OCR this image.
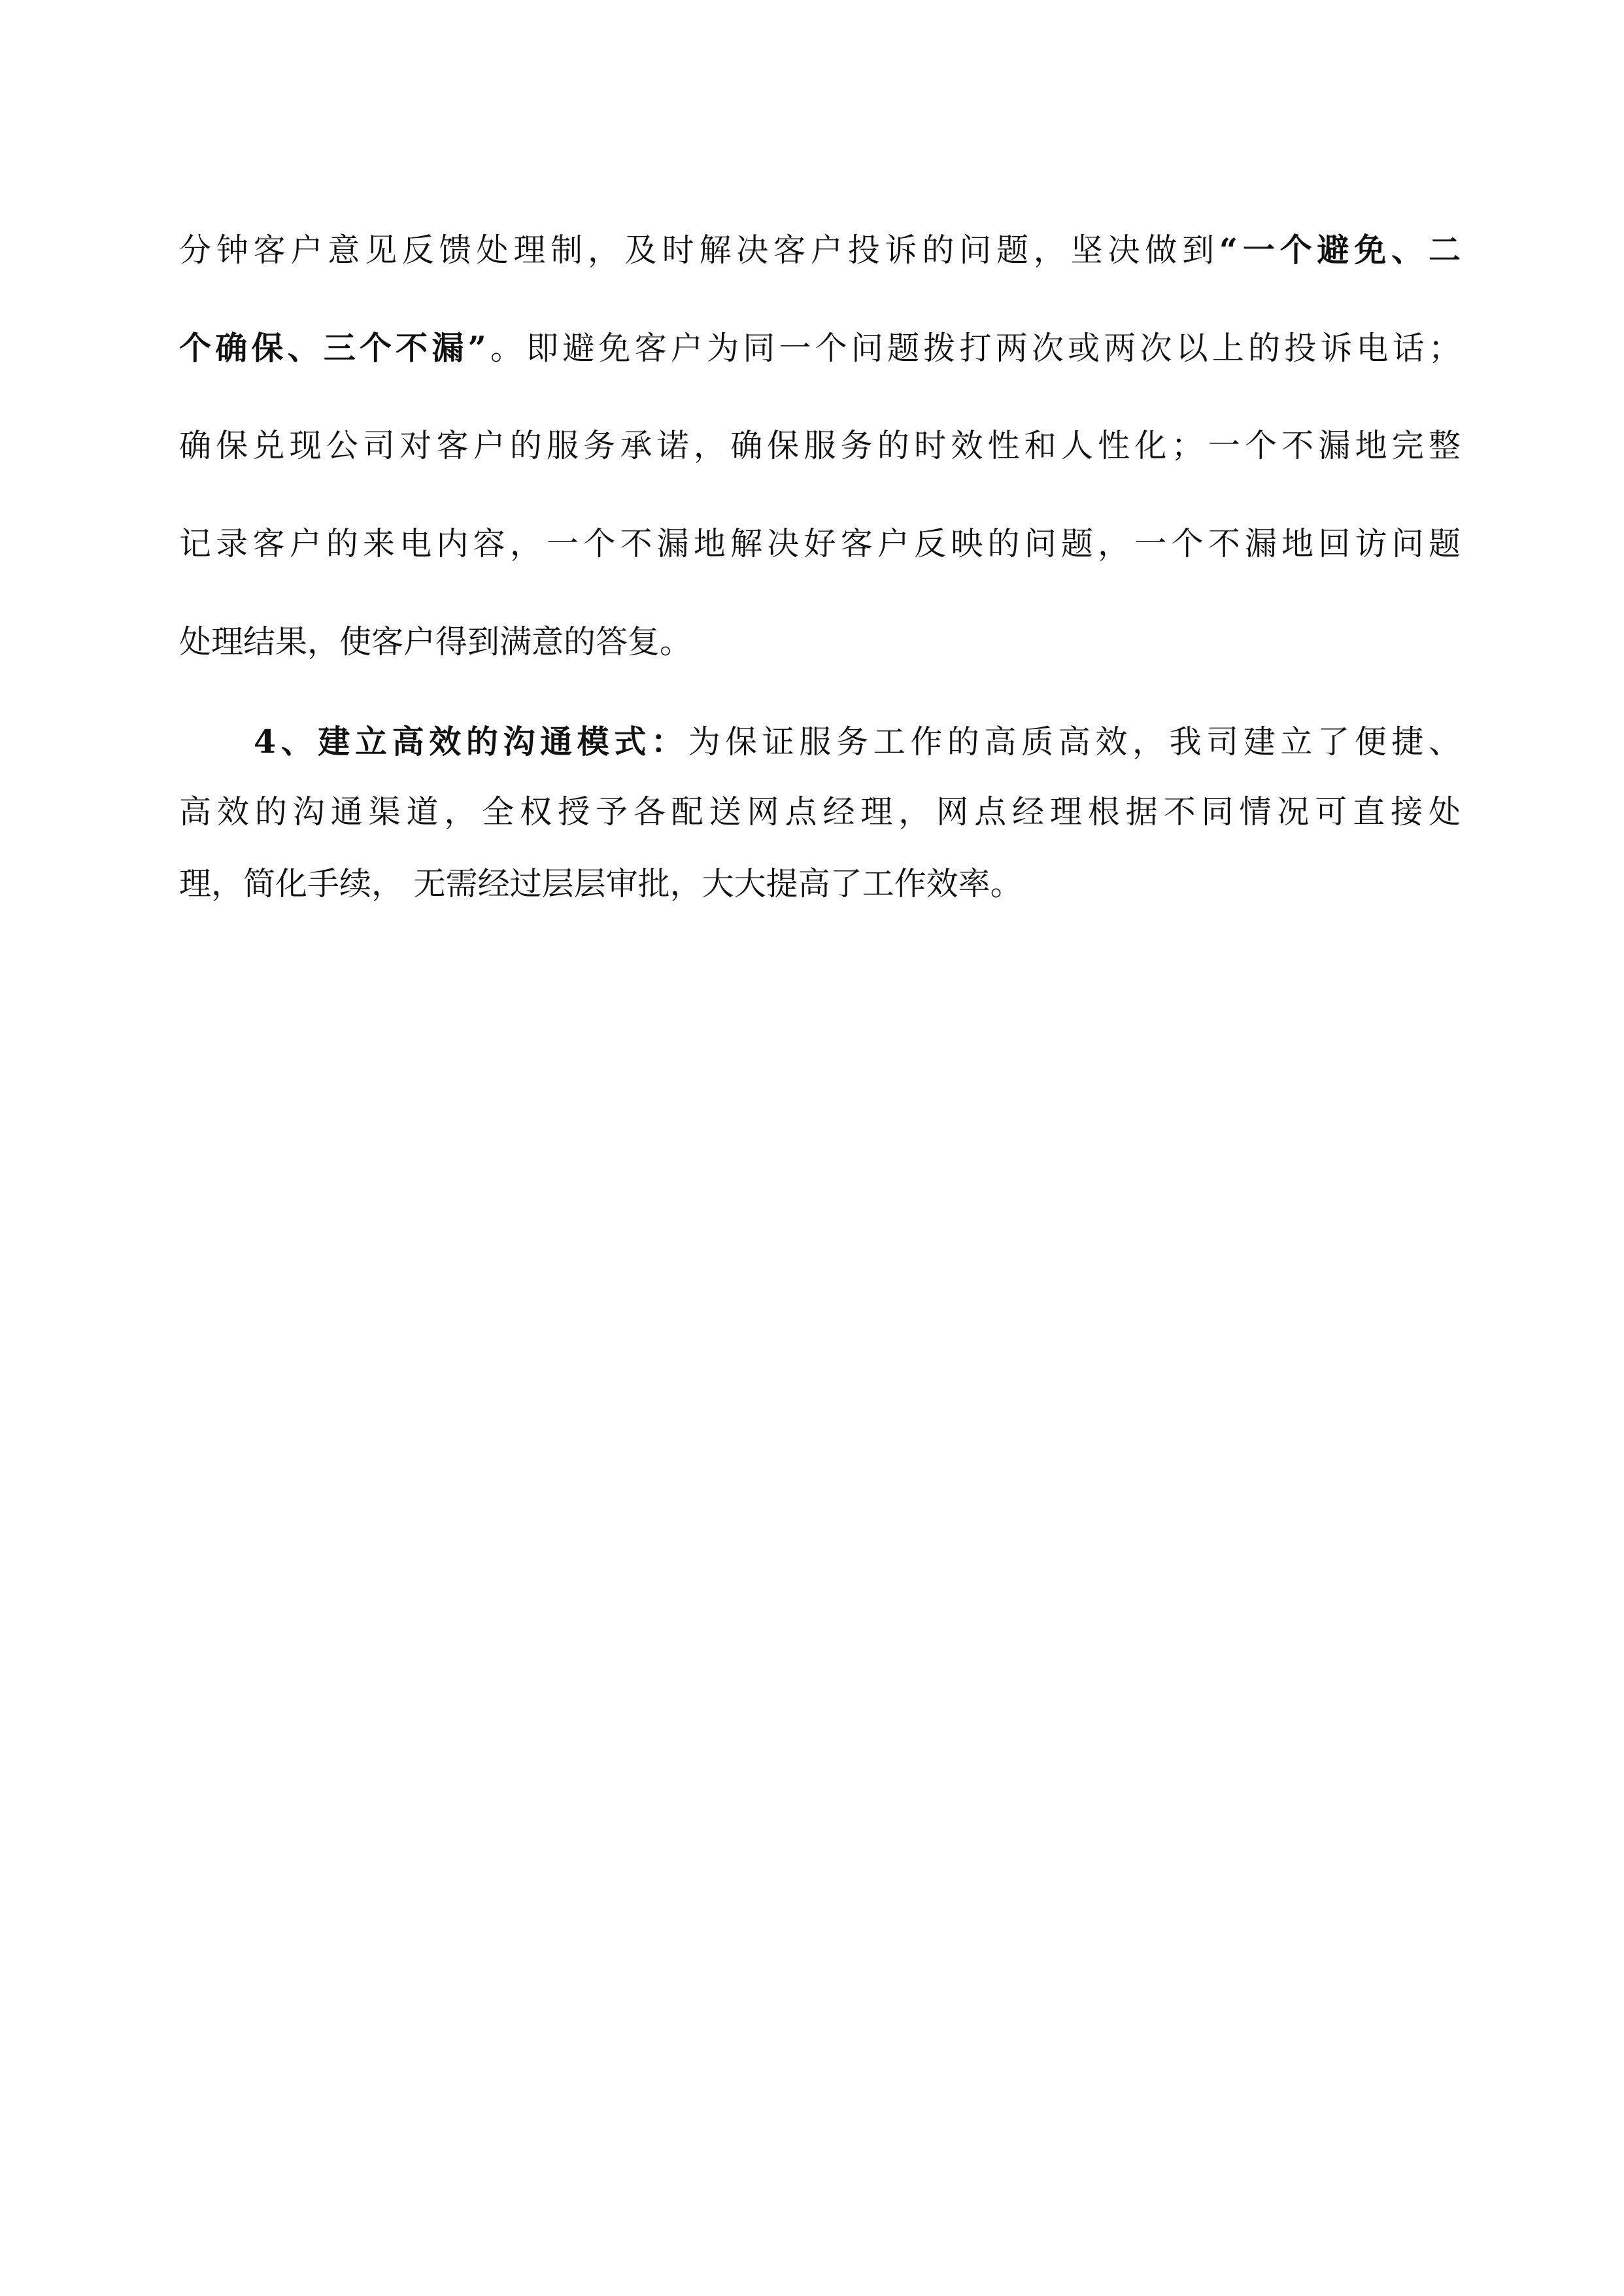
分钟客户意见反馈处理制，及时解决客户投诉的问题，坚决做到“一个避免、二
个确保、三个不漏”。即避免客户为同一个问题拨打两次或两次以上的投诉电话；
确保兑现公司对客户的服务承诺，确保服务的时效性和人性化；一个不漏地完整
记录客户的来电内容，一个不漏地解决好客户反映的问题，一个不漏地回访问题
处理结果，使客户得到满意的答复。
4、建立高效的沟通模式：为保证服务工作的高质高效，我司建立了便捷、
高效的沟通渠道，全权授予各配送网点经理，网点经理根据不同情况可直接处
理，简化手续， 无需经过层层审批，大大提高了工作效率。
